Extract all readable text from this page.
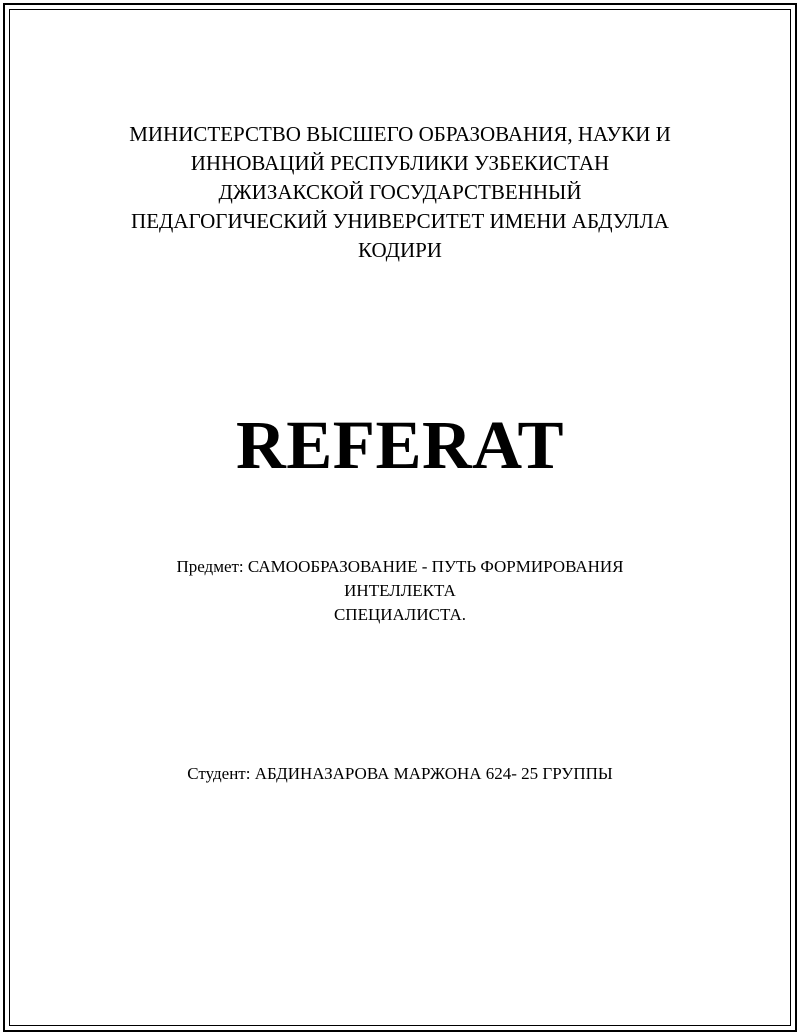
МИНИСТЕРСТВО ВЫСШЕГО ОБРАЗОВАНИЯ, НАУКИ И
ИННОВАЦИЙ РЕСПУБЛИКИ УЗБЕКИСТАН
ДЖИЗАКСКОЙ ГОСУДАРСТВЕННЫЙ
ПЕДАГОГИЧЕСКИЙ УНИВЕРСИТЕТ ИМЕНИ АБДУЛЛА
КОДИРИ
REFERAT
Предмет: САМООБРАЗОВАНИЕ - ПУТЬ ФОРМИРОВАНИЯ
ИНТЕЛЛЕКТА
СПЕЦИАЛИСТА.
Студент: АБДИНАЗАРОВА МАРЖОНА 624- 25 ГРУППЫ
